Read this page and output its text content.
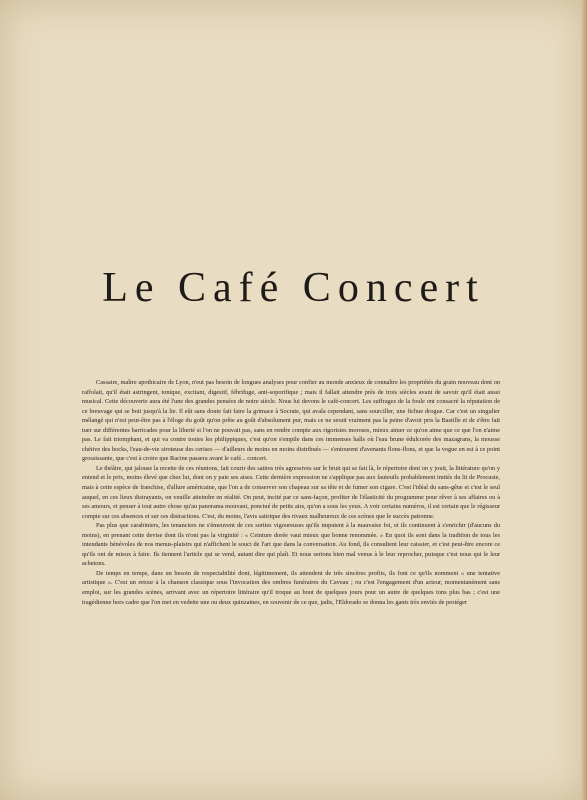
Le Café Concert

Cassaire, maître apothicaire de Lyon, n'eut pas besoin de longues analyses pour confier au monde anxieux de connaître les propriétés du grain nouveau dont on raffolait, qu'il était astringent, tonique, excitant, digestif, fébrifuge, anti-soporifique ; mais il fallait attendre près de trois siècles avant de savoir qu'il était aussi musical. Cette découverte aura été l'une des grandes pensées de notre siècle. Nous lui devons le café-concert. Les suffrages de la foule ont consacré la réputation de ce breuvage qui se boit jusqu'à la lie. Il eût sans doute fait faire la grimace à Socrate, qui avala cependant, sans sourciller, une fichue drogue. Car c'est un singulier mélangé qui n'est peut-être pas à l'éloge du goût qu'on prête au goût d'absolument pur, mais ce ne serait vraiment pas la peine d'avoir pris la Bastille et de s'être fait tuer sur différentes barricades pour la liberté si l'on ne pouvait pas, sans en rendre compte aux rigoristes moroses, mieux aimer ce qu'on aime que ce que l'on n'aime pas. Le fait triomphant, et qui va contre toutes les philippiques, c'est qu'on s'empile dans ces immenses halls où l'eau brune édulcorée des mazagrans, la mousse chétive des bocks, l'eau-de-vie siroteuse des cerises — d'ailleurs de moins en moins distribués — s'entourent d'avenants flons-flons, et que la vogue en est à ce point grossissante, que c'est à croire que Racine passera avant le café... concert.

Le théâtre, qui jalouse la recette de ces réunions, fait courir des satires très agressives sur le bruit qui se fait là, le répertoire dont on y jouit, la littérature qu'on y entend et le prix, moins élevé que chez lui, dont on y paie ses aises. Cette dernière expression ne s'applique pas aux fauteuils probablement imités du lit de Procuste, mais à cette espèce de franchise, d'allure américaine, que l'on a de conserver son chapeau sur sa tête et de fumer son cigare. C'est l'idéal du sans-gêne et c'est le seul auquel, en ces lieux distrayants, on veuille atteindre en réalité. On peut, incité par ce sans-façon, profiter de l'élasticité du programme pour rêver à ses affaires ou à ses amours, et penser à tout autre chose qu'au panorama mouvant, ponctué de petits airs, qu'on a sous les yeux. A voir certains numéros, il est certain que le régisseur compte sur ces absences et sur ces distractions. C'est, du moins, l'avis satirique des rivaux malheureux de ces scènes que le succès patronne.

Pas plus que carabiniers, les tenanciers ne s'émeuvent de ces sorties vigoureuses qu'ils imputent à la mauvaise foi, et ils continuent à s'enrichir (d'aucuns du moins), en prenant cette devise dont ils n'ont pas la virginité : « Ceinture dorée vaut mieux que bonne renommée. » En quoi ils sont dans la tradition de tous les intendants bénévoles de nos menus-plaisirs qui n'affichent le souci de l'art que dans la conversation. Au fond, ils consultent leur caissier, et c'est peut-être encore ce qu'ils ont de mieux à faire. Ils tiennent l'article qui se vend, autant dire qui plaît. Et nous serions bien mal venus à le leur reprocher, puisque c'est nous qui le leur achetons.

De temps en temps, dans un besoin de respectabilité dont, légitimement, ils attendent de très sincères profits, ils font ce qu'ils nomment « une tentative artistique ». C'est un retour à la chanson classique sous l'invocation des ombres funéraires du Caveau ; ou c'est l'engagement d'un acteur, momentanément sans emploi, sur les grandes scènes, arrivant avec un répertoire littéraire qu'il troque au bout de quelques jours pour un autre de quelques tons plus bas ; c'est une tragédienne hors cadre que l'on met en vedette une ou deux quinzaines, en souvenir de ce que, jadis, l'Eldorado se donna les gants très enviés de protéger
